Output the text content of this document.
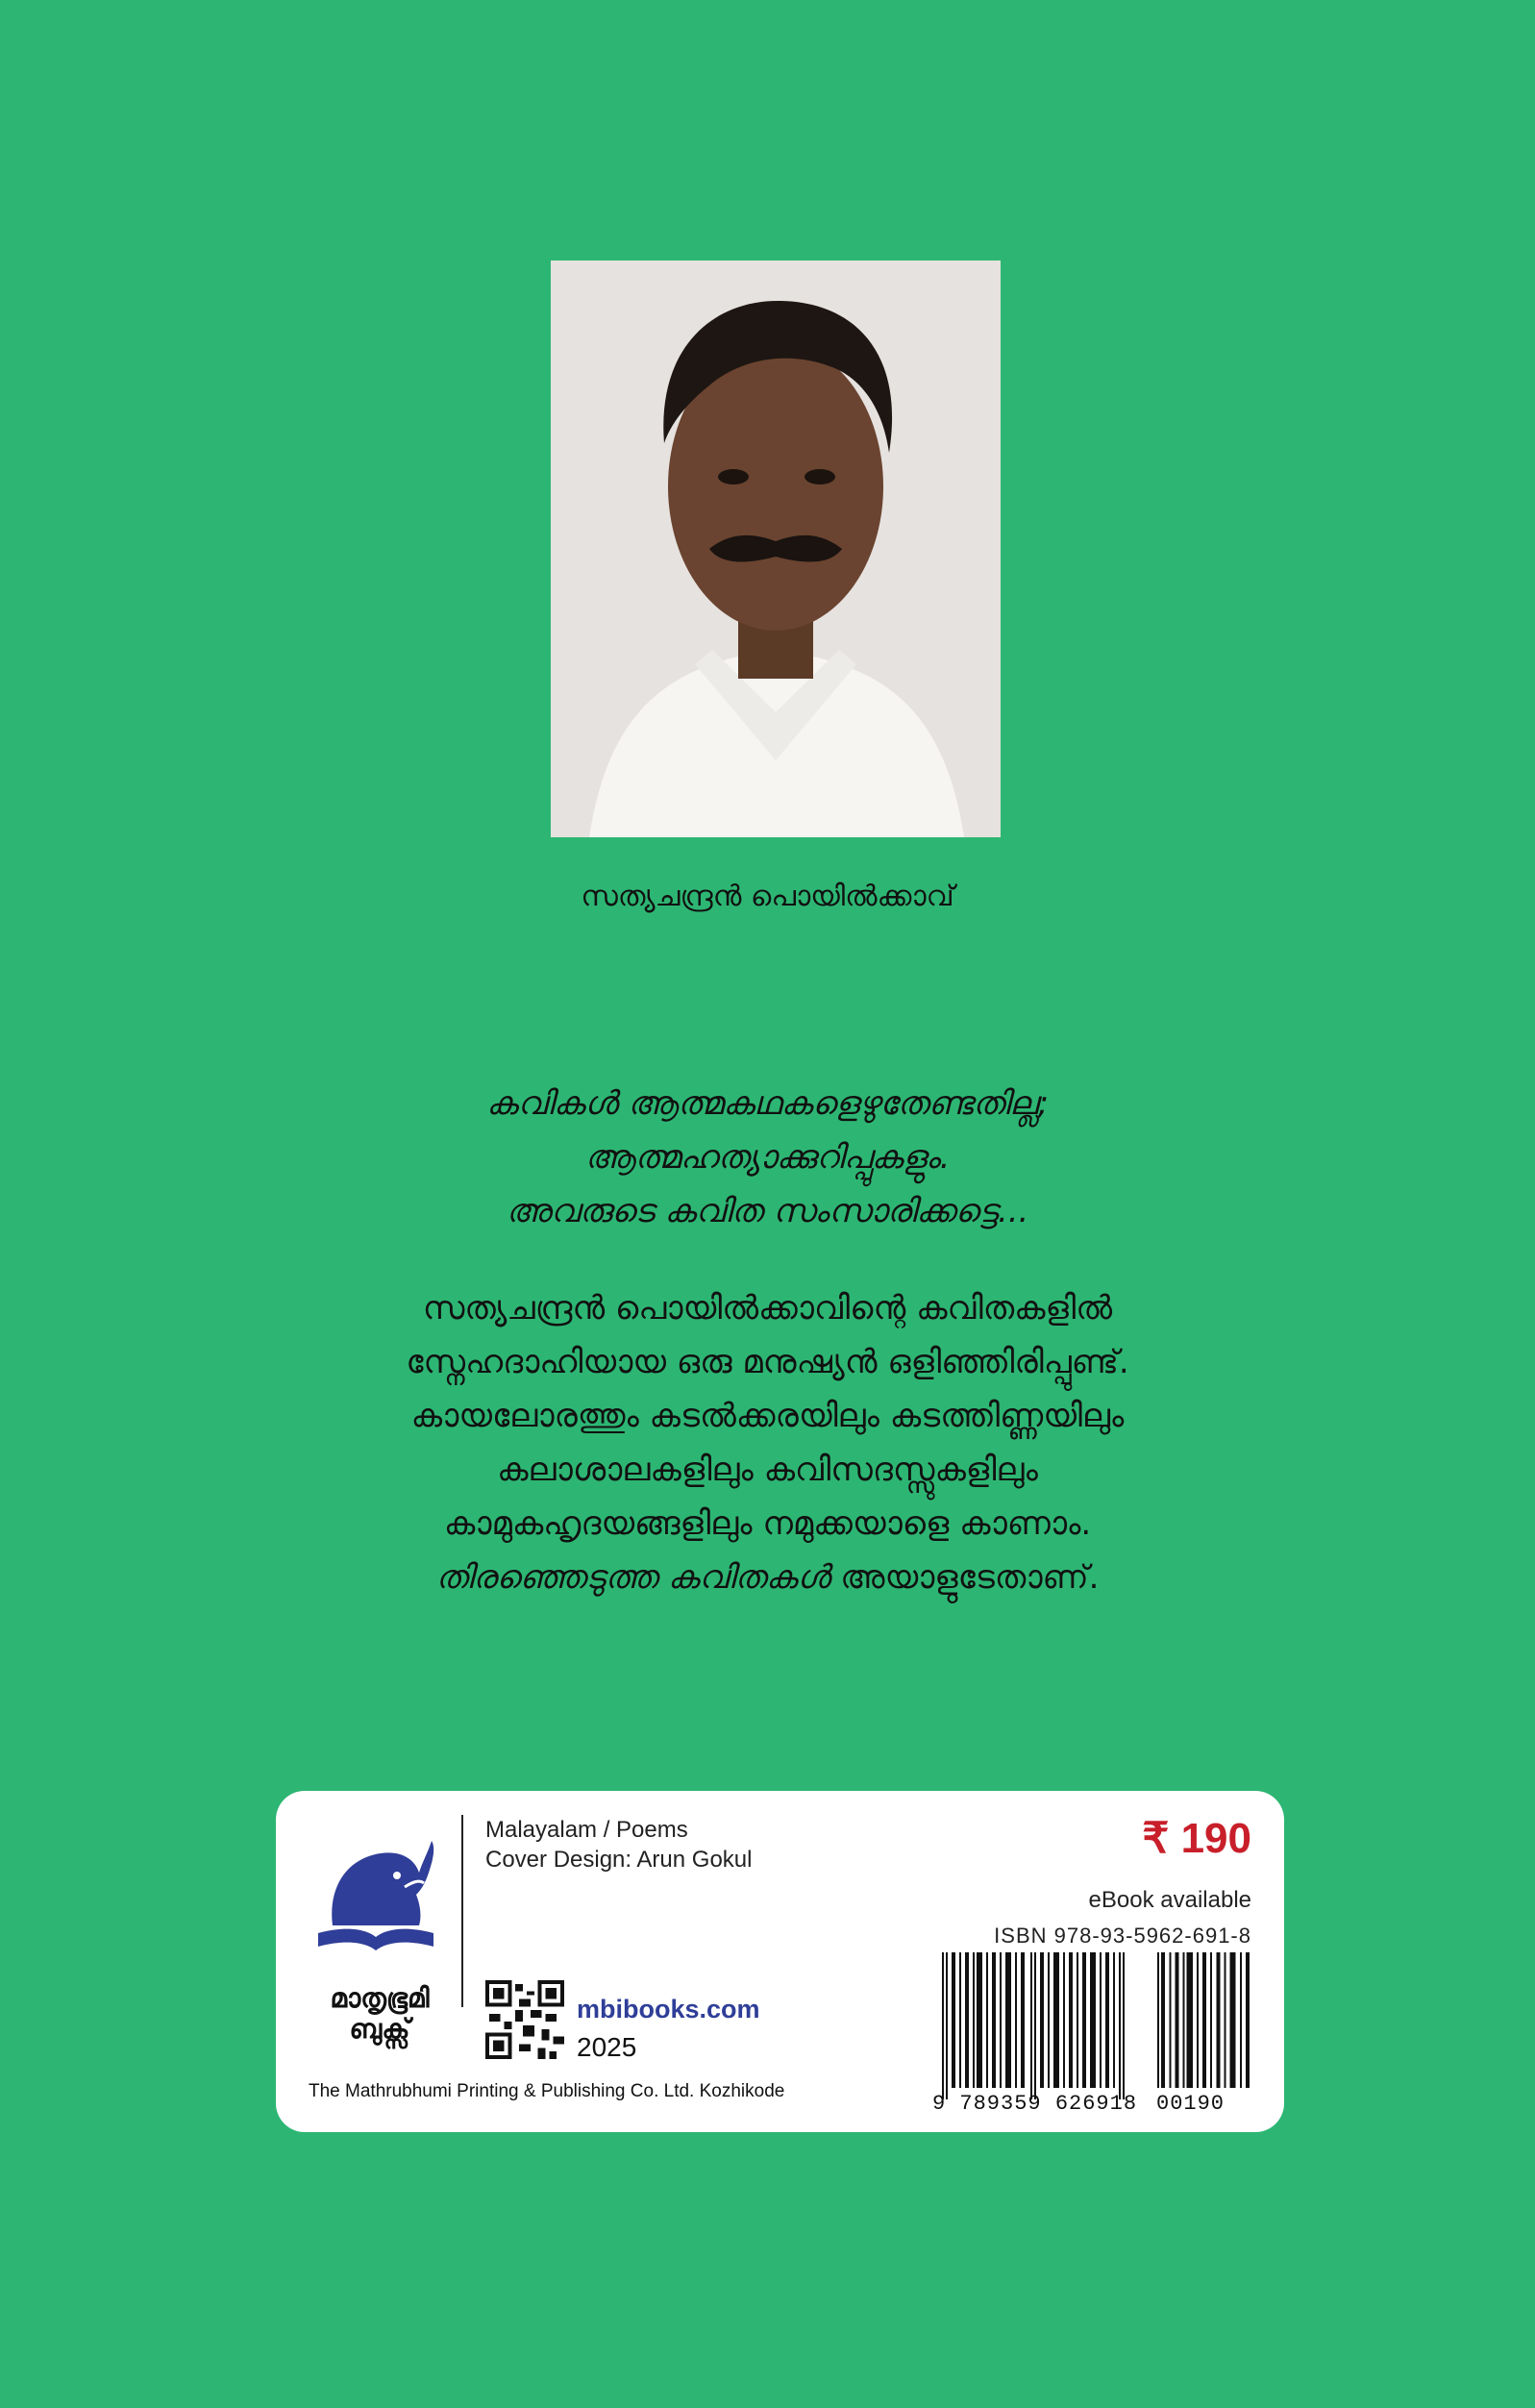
സത്യചന്ദ്രൻ പൊയിൽക്കാവ്
കവികൾ ആത്മകഥകളെഴുതേണ്ടതില്ല;
ആത്മഹത്യാക്കുറിപ്പുകളും.
അവരുടെ കവിത സംസാരിക്കട്ടെ...
സത്യചന്ദ്രൻ പൊയിൽക്കാവിന്റെ കവിതകളിൽ
സ്നേഹദാഹിയായ ഒരു മനുഷ്യൻ ഒളിഞ്ഞിരിപ്പുണ്ട്.
കായലോരത്തും കടൽക്കരയിലും കടത്തിണ്ണയിലും
കലാശാലകളിലും കവിസദസ്സുകളിലും
കാമുകഹൃദയങ്ങളിലും നമുക്കയാളെ കാണാം.
തിരഞ്ഞെടുത്ത കവിതകൾ അയാളുടേതാണ്.
മാതൃഭൂമി
ബുക്സ്
The Mathrubhumi Printing & Publishing Co. Ltd. Kozhikode
Malayalam / Poems
Cover Design: Arun Gokul
mbibooks.com
2025
₹ 190
eBook available
ISBN 978-93-5962-691-8
9 789359 626918 00190
